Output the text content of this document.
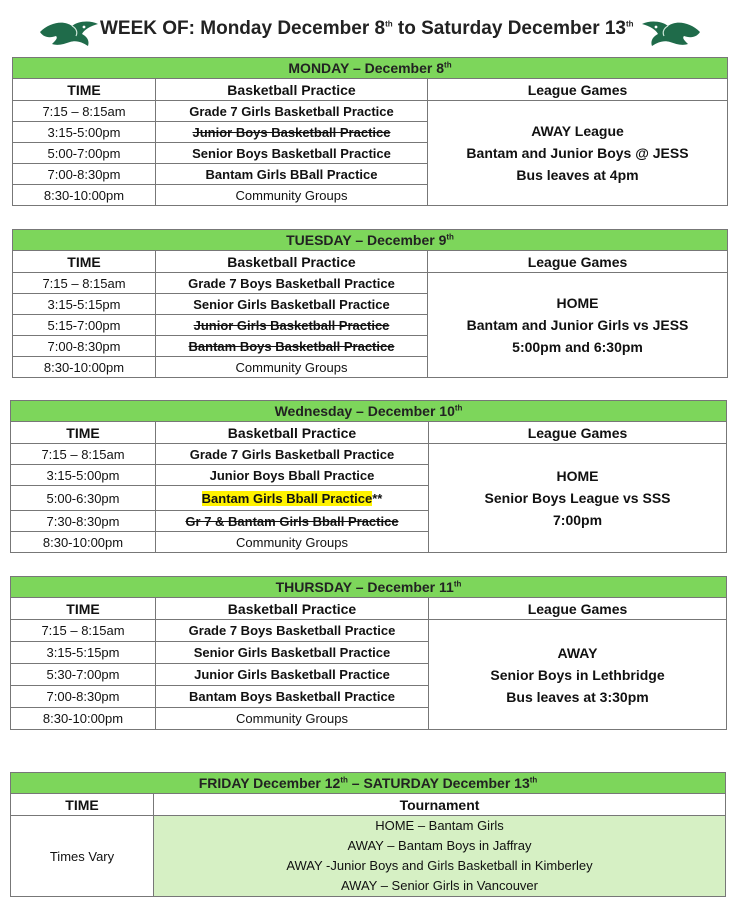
WEEK OF: Monday December 8th to Saturday December 13th
MONDAY – December 8th
TIME	Basketball Practice	League Games
7:15 – 8:15am	Grade 7 Girls Basketball Practice	AWAY League
Bantam and Junior Boys @ JESS
Bus leaves at 4pm

3:15-5:00pm	Junior Boys Basketball Practice	
5:00-7:00pm	Senior Boys Basketball Practice	
7:00-8:30pm	Bantam Girls BBall Practice	
8:30-10:00pm	Community Groups	
TUESDAY – December 9th
TIME	Basketball Practice	League Games
7:15 – 8:15am	Grade 7 Boys Basketball Practice	HOME
Bantam and Junior Girls vs JESS
5:00pm and 6:30pm

3:15-5:15pm	Senior Girls Basketball Practice	
5:15-7:00pm	Junior Girls Basketball Practice	
7:00-8:30pm	Bantam Boys Basketball Practice	
8:30-10:00pm	Community Groups	
Wednesday – December 10th
TIME	Basketball Practice	League Games
7:15 – 8:15am	Grade 7 Girls Basketball Practice	HOME
Senior Boys League vs SSS
7:00pm

3:15-5:00pm	Junior Boys Bball Practice	
5:00-6:30pm	Bantam Girls Bball Practice**	
7:30-8:30pm	Gr 7 & Bantam Girls Bball Practice	
8:30-10:00pm	Community Groups	
THURSDAY – December 11th
TIME	Basketball Practice	League Games
7:15 – 8:15am	Grade 7 Boys Basketball Practice	AWAY
Senior Boys in Lethbridge
Bus leaves at 3:30pm

3:15-5:15pm	Senior Girls Basketball Practice	
5:30-7:00pm	Junior Girls Basketball Practice	
7:00-8:30pm	Bantam Boys Basketball Practice	
8:30-10:00pm	Community Groups	
FRIDAY December 12th – SATURDAY December 13th
TIME	Tournament
Times Vary	HOME – Bantam Girls
AWAY – Bantam Boys in Jaffray
AWAY -Junior Boys and Girls Basketball in Kimberley
AWAY – Senior Girls in Vancouver
